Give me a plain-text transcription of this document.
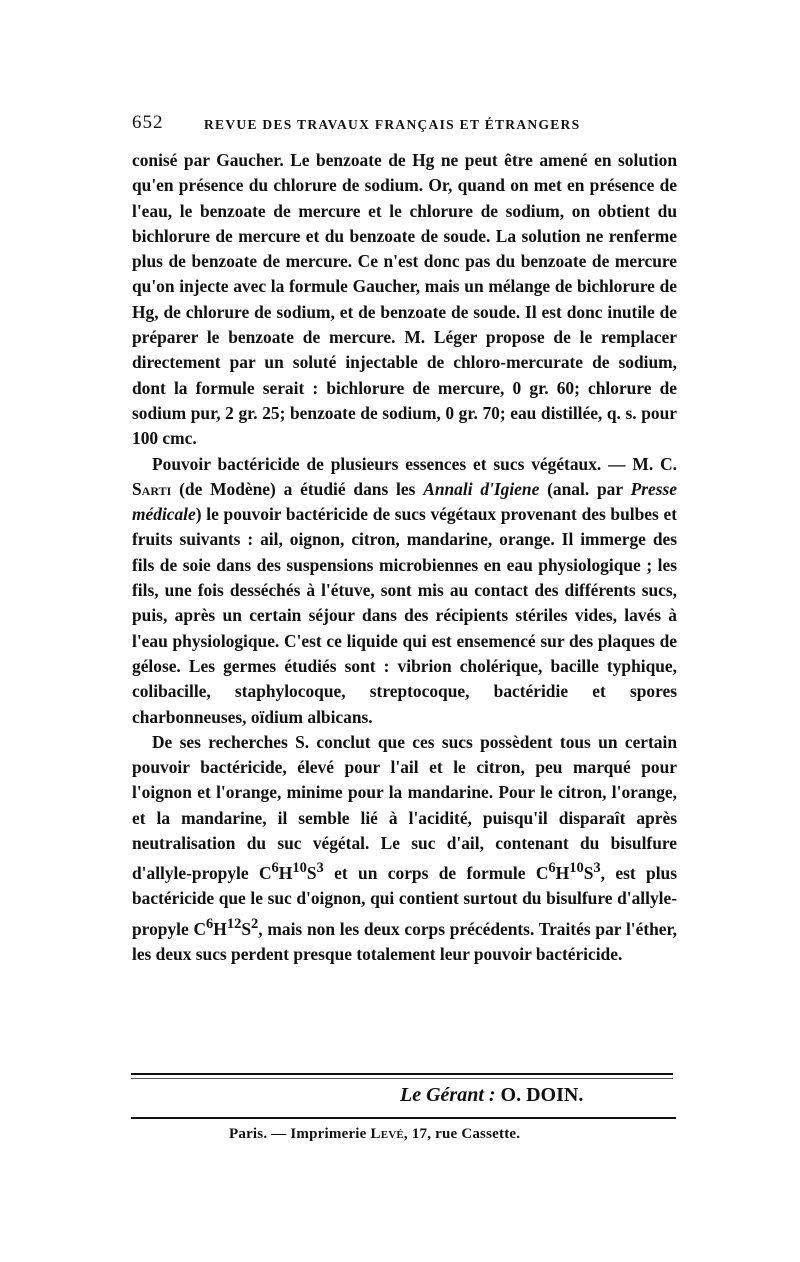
652	REVUE DES TRAVAUX FRANÇAIS ET ÉTRANGERS

conisé par Gaucher. Le benzoate de Hg ne peut être amené en solution qu'en présence du chlorure de sodium. Or, quand on met en présence de l'eau, le benzoate de mercure et le chlorure de sodium, on obtient du bichlorure de mercure et du benzoate de soude. La solution ne renferme plus de benzoate de mercure. Ce n'est donc pas du benzoate de mercure qu'on injecte avec la formule Gaucher, mais un mélange de bichlorure de Hg, de chlorure de sodium, et de benzoate de soude. Il est donc inutile de préparer le benzoate de mercure. M. Léger propose de le remplacer directement par un soluté injectable de chloro-mercurate de sodium, dont la formule serait : bichlorure de mercure, 0 gr. 60; chlorure de sodium pur, 2 gr. 25; benzoate de sodium, 0 gr. 70; eau distillée, q. s. pour 100 cmc.

Pouvoir bactéricide de plusieurs essences et sucs végétaux. — M. C. Sarti (de Modène) a étudié dans les Annali d'Igiene (anal. par Presse médicale) le pouvoir bactéricide de sucs végétaux provenant des bulbes et fruits suivants : ail, oignon, citron, mandarine, orange. Il immerge des fils de soie dans des suspensions microbiennes en eau physiologique ; les fils, une fois desséchés à l'étuve, sont mis au contact des différents sucs, puis, après un certain séjour dans des récipients stériles vides, lavés à l'eau physiologique. C'est ce liquide qui est ensemencé sur des plaques de gélose. Les germes étudiés sont : vibrion cholérique, bacille typhique, colibacille, staphylocoque, streptocoque, bactéridie et spores charbonneuses, oïdium albicans.

De ses recherches S. conclut que ces sucs possèdent tous un certain pouvoir bactéricide, élevé pour l'ail et le citron, peu marqué pour l'oignon et l'orange, minime pour la mandarine. Pour le citron, l'orange, et la mandarine, il semble lié à l'acidité, puisqu'il disparaît après neutralisation du suc végétal. Le suc d'ail, contenant du bisulfure d'allyle-propyle $C^6H^{10}S^3$ et un corps de formule $C^6H^{10}S^3$, est plus bactéricide que le suc d'oignon, qui contient surtout du bisulfure d'allyle-propyle $C^6H^{12}S^2$, mais non les deux corps précédents. Traités par l'éther, les deux sucs perdent presque totalement leur pouvoir bactéricide.

Le Gérant : O. DOIN.
Paris. — Imprimerie Levé, 17, rue Cassette.
